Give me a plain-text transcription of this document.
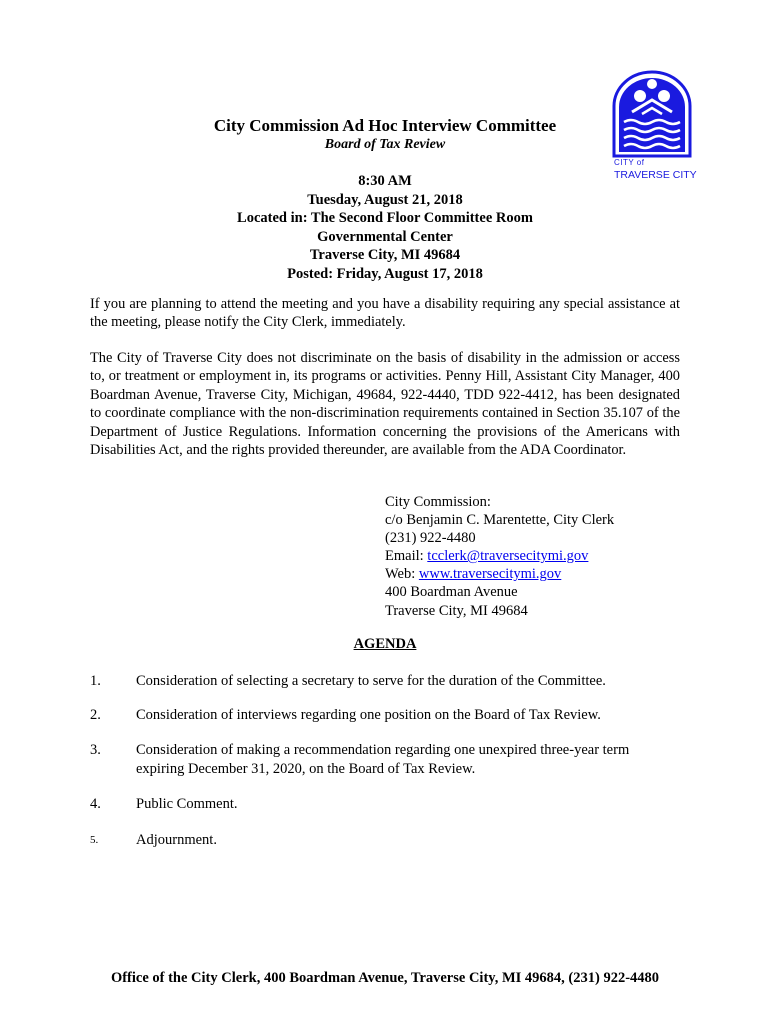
CITY of
TRAVERSE CITY
City Commission Ad Hoc Interview Committee
Board of Tax Review
8:30 AM
Tuesday, August 21, 2018
Located in: The Second Floor Committee Room
Governmental Center
Traverse City, MI 49684
Posted: Friday, August 17, 2018
If you are planning to attend the meeting and you have a disability requiring any special assistance at the meeting, please notify the City Clerk, immediately.
The City of Traverse City does not discriminate on the basis of disability in the admission or access to, or treatment or employment in, its programs or activities. Penny Hill, Assistant City Manager, 400 Boardman Avenue, Traverse City, Michigan, 49684, 922-4440, TDD 922-4412, has been designated to coordinate compliance with the non-discrimination requirements contained in Section 35.107 of the Department of Justice Regulations. Information concerning the provisions of the Americans with Disabilities Act, and the rights provided thereunder, are available from the ADA Coordinator.
City Commission:
c/o Benjamin C. Marentette, City Clerk
(231) 922-4480
Email: tcclerk@traversecitymi.gov
Web: www.traversecitymi.gov
400 Boardman Avenue
Traverse City, MI 49684
AGENDA
1. Consideration of selecting a secretary to serve for the duration of the Committee.
2. Consideration of interviews regarding one position on the Board of Tax Review.
3. Consideration of making a recommendation regarding one unexpired three-year term expiring December 31, 2020, on the Board of Tax Review.
4. Public Comment.
5.	Adjournment.
Office of the City Clerk, 400 Boardman Avenue, Traverse City, MI 49684, (231) 922-4480
